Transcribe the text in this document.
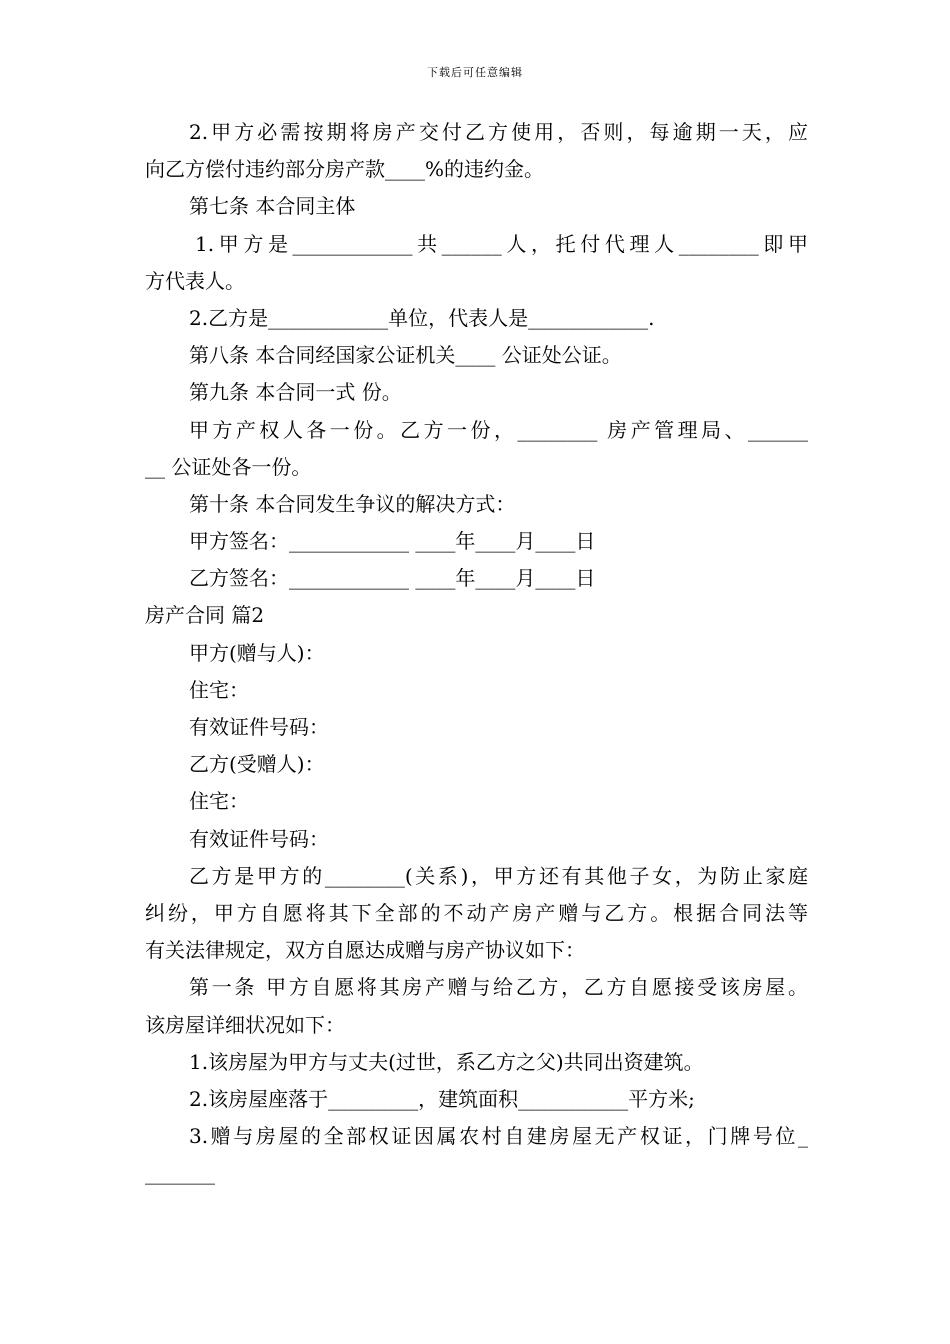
下载后可任意编辑
2.甲方必需按期将房产交付乙方使用，否则，每逾期一天，应
向乙方偿付违约部分房产款____%的违约金。
第七条 本合同主体
1.甲方是____________共______人，托付代理人________即甲
方代表人。
2.乙方是____________单位，代表人是____________.
第八条 本合同经国家公证机关____ 公证处公证。
第九条 本合同一式 份。
甲方产权人各一份。乙方一份，________ 房产管理局、______
__ 公证处各一份。
第十条 本合同发生争议的解决方式：
甲方签名：____________ ____年____月____日
乙方签名：____________ ____年____月____日
房产合同 篇2
甲方(赠与人)：
住宅：
有效证件号码：
乙方(受赠人)：
住宅：
有效证件号码：
乙方是甲方的________(关系)，甲方还有其他子女，为防止家庭
纠纷，甲方自愿将其下全部的不动产房产赠与乙方。根据合同法等
有关法律规定，双方自愿达成赠与房产协议如下：
第一条 甲方自愿将其房产赠与给乙方，乙方自愿接受该房屋。
该房屋详细状况如下：
1.该房屋为甲方与丈夫(过世，系乙方之父)共同出资建筑。
2.该房屋座落于_________，建筑面积___________平方米;
3.赠与房屋的全部权证因属农村自建房屋无产权证，门牌号位_
_______
